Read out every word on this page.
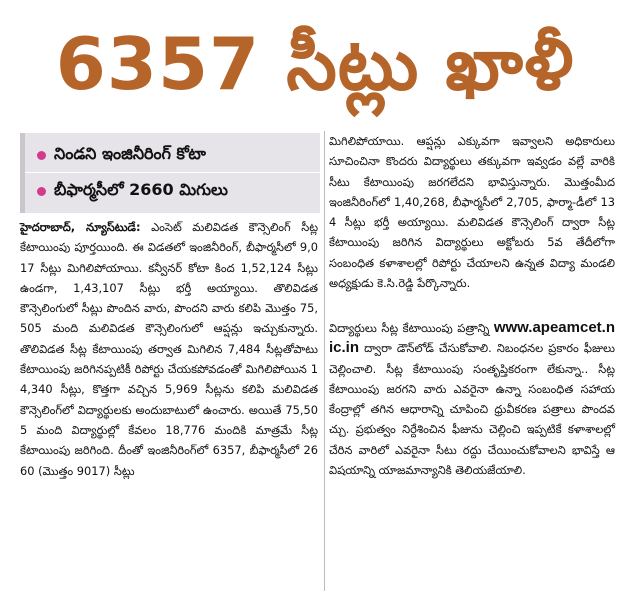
6357 సీట్లు ఖాళీ
నిండని ఇంజినీరింగ్ కోటా
బీఫార్మసీలో 2660 మిగులు

హైదరాబాద్, న్యూస్‌టుడే: ఎంసెట్ మలివిడత కౌన్సెలింగ్ సీట్ల కేటాయింపు పూర్తయింది. ఈ విడతలో ఇంజినీరింగ్, బీఫార్మసీలో 9,017 సీట్లు మిగిలిపోయాయి. కన్వీనర్ కోటా కింద 1,52,124 సీట్లు ఉండగా, 1,43,107 సీట్లు భర్తీ అయ్యాయి. తొలివిడత కౌన్సెలింగులో సీట్లు పొందిన వారు, పొందని వారు కలిపి మొత్తం 75,505 మంది మలివిడత కౌన్సెలింగులో ఆప్షన్లు ఇచ్చుకున్నారు. తొలివిడత సీట్ల కేటాయింపు తర్వాత మిగిలిన 7,484 సీట్లతోపాటు కేటాయింపు జరిగినప్పటికీ రిపోర్టు చేయకపోవడంతో మిగిలిపోయిన 14,340 సీట్లు, కొత్తగా వచ్చిన 5,969 సీట్లను కలిపి మలివిడత కౌన్సెలింగ్‌లో విద్యార్థులకు అందుబాటులో ఉంచారు. అయితే 75,505 మంది విద్యార్థుల్లో కేవలం 18,776 మందికి మాత్రమే సీట్ల కేటాయింపు జరిగింది. దీంతో ఇంజినీరింగ్‌లో 6357, బీఫార్మసీలో 2660 (మొత్తం 9017) సీట్లు

మిగిలిపోయాయి. ఆప్షన్లు ఎక్కువగా ఇవ్వాలని అధికారులు సూచించినా కొందరు విద్యార్థులు తక్కువగా ఇవ్వడం వల్లే వారికి సీటు కేటాయింపు జరగలేదని భావిస్తున్నారు. మొత్తంమీద ఇంజినీరింగ్‌లో 1,40,268, బీఫార్మసీలో 2,705, ఫార్మా-డీలో 134 సీట్లు భర్తీ అయ్యాయి. మలివిడత కౌన్సెలింగ్ ద్వారా సీట్ల కేటాయింపు జరిగిన విద్యార్థులు అక్టోబరు 5వ తేదీలోగా సంబంధిత కళాశాలల్లో రిపోర్టు చేయాలని ఉన్నత విద్యా మండలి అధ్యక్షుడు కె.సి.రెడ్డి పేర్కొన్నారు.

విద్యార్థులు సీట్ల కేటాయింపు పత్రాన్ని www.apeamcet.nic.in ద్వారా డౌన్‌లోడ్ చేసుకోవాలి. నిబంధనల ప్రకారం ఫీజులు చెల్లించాలి. సీట్ల కేటాయింపు సంతృప్తికరంగా లేకున్నా.. సీట్ల కేటాయింపు జరగని వారు ఎవరైనా ఉన్నా సంబంధిత సహాయ కేంద్రాల్లో తగిన ఆధారాన్ని చూపించి ధ్రువీకరణ పత్రాలు పొందవచ్చు. ప్రభుత్వం నిర్దేశించిన ఫీజును చెల్లించి ఇప్పటికే కళాశాలల్లో చేరిన వారిలో ఎవరైనా సీటు రద్దు చేయించుకోవాలని భావిస్తే ఆ విషయాన్ని యాజమాన్యానికి తెలియజేయాలి.
